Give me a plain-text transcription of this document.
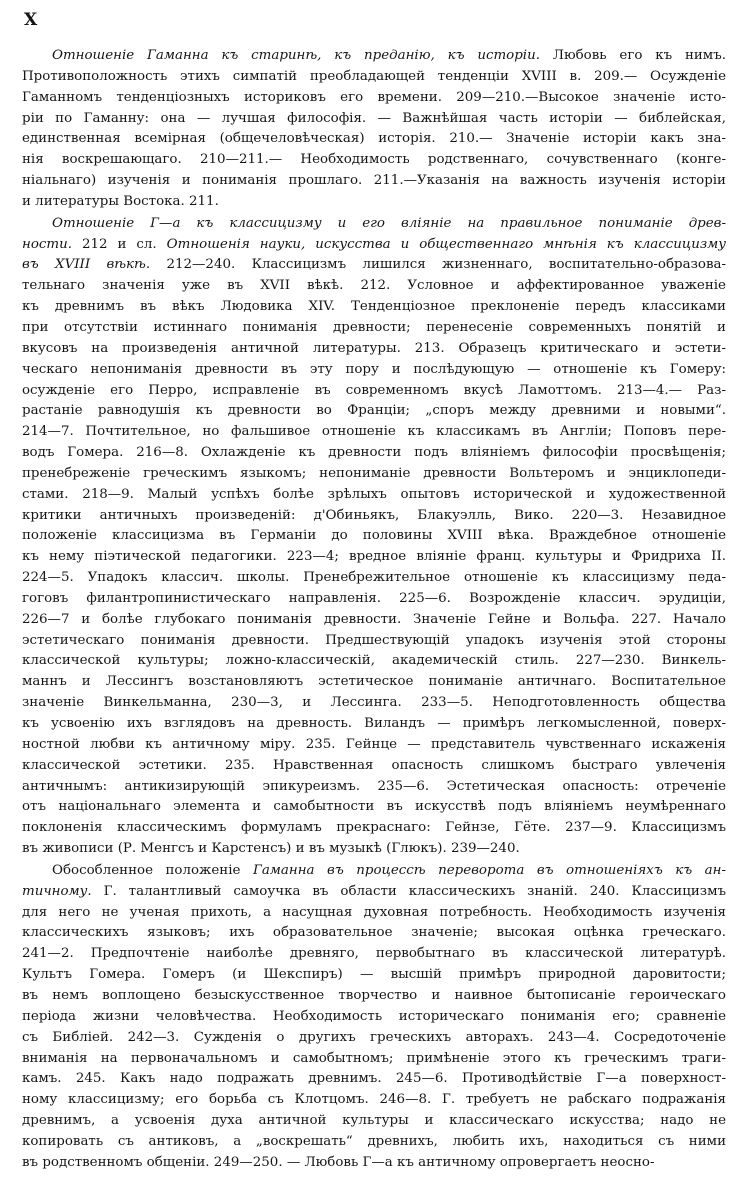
X
Отношеніе Гаманна къ старинѣ, къ преданію, къ исторіи. Любовь его къ нимъ.
Противоположность этихъ симпатій преобладающей тенденціи XVIII в. 209.— Осужденіе
Гаманномъ тенденціозныхъ историковъ его времени. 209—210.—Высокое значеніе исто-
ріи по Гаманну: она — лучшая философія. — Важнѣйшая часть исторіи — библейская,
единственная всемірная (общечеловѣческая) исторія. 210.— Значеніе исторіи какъ зна-
нія воскрешающаго. 210—211.— Необходимость родственнаго, сочувственнаго (конге-
ніальнаго) изученія и пониманія прошлаго. 211.—Указанія на важность изученія исторіи
и литературы Востока. 211.
Отношеніе Г—а къ классицизму и его вліяніе на правильное пониманіе древ-
ности. 212 и сл. Отношенія науки, искусства и общественнаго мнѣнія къ классицизму
въ XVIII вѣкѣ. 212—240. Классицизмъ лишился жизненнаго, воспитательно-образова-
тельнаго значенія уже въ XVII вѣкѣ. 212. Условное и аффектированное уваженіе
къ древнимъ въ вѣкъ Людовика XIV. Тенденціозное преклоненіе передъ классиками
при отсутствіи истиннаго пониманія древности; перенесеніе современныхъ понятій и
вкусовъ на произведенія античной литературы. 213. Образецъ критическаго и эстети-
ческаго непониманія древности въ эту пору и послѣдующую — отношеніе къ Гомеру:
осужденіе его Перро, исправленіе въ современномъ вкусѣ Ламоттомъ. 213—4.— Раз-
растаніе равнодушія къ древности во Франціи; „споръ между древними и новыми“.
214—7. Почтительное, но фальшивое отношеніе къ классикамъ въ Англіи; Поповъ пере-
водъ Гомера. 216—8. Охлажденіе къ древности подъ вліяніемъ философіи просвѣщенія;
пренебреженіе греческимъ языкомъ; непониманіе древности Вольтеромъ и энциклопеди-
стами. 218—9. Малый успѣхъ болѣе зрѣлыхъ опытовъ исторической и художественной
критики античныхъ произведеній: д'Обиньякъ, Блакуэлль, Вико. 220—3. Незавидное
положеніе классицизма въ Германіи до половины XVIII вѣка. Враждебное отношеніе
къ нему піэтической педагогики. 223—4; вредное вліяніе франц. культуры и Фридриха II.
224—5. Упадокъ классич. школы. Пренебрежительное отношеніе къ классицизму педа-
гоговъ филантропинистическаго направленія. 225—6. Возрожденіе классич. эрудиціи,
226—7 и болѣе глубокаго пониманія древности. Значеніе Гейне и Вольфа. 227. Начало
эстетическаго пониманія древности. Предшествующій упадокъ изученія этой стороны
классической культуры; ложно-классическій, академическій стиль. 227—230. Винкель-
маннъ и Лессингъ возстановляютъ эстетическое пониманіе античнаго. Воспитательное
значеніе Винкельманна, 230—3, и Лессинга. 233—5. Неподготовленность общества
къ усвоенію ихъ взглядовъ на древность. Виландъ — примѣръ легкомысленной, поверх-
ностной любви къ античному міру. 235. Гейнце — представитель чувственнаго искаженія
классической эстетики. 235. Нравственная опасность слишкомъ быстраго увлеченія
античнымъ: антикизирующій эпикуреизмъ. 235—6. Эстетическая опасность: отреченіе
отъ національнаго элемента и самобытности въ искусствѣ подъ вліяніемъ неумѣреннаго
поклоненія классическимъ формуламъ прекраснаго: Гейнзе, Гёте. 237—9. Классицизмъ
въ живописи (Р. Менгсъ и Карстенсъ) и въ музыкѣ (Глюкъ). 239—240.
Обособленное положеніе Гаманна въ процессѣ переворота въ отношеніяхъ къ ан-
тичному. Г. талантливый самоучка въ области классическихъ знаній. 240. Классицизмъ
для него не ученая прихоть, а насущная духовная потребность. Необходимость изученія
классическихъ языковъ; ихъ образовательное значеніе; высокая оцѣнка греческаго.
241—2. Предпочтеніе наиболѣе древняго, первобытнаго въ классической литературѣ.
Культъ Гомера. Гомеръ (и Шекспиръ) — высшій примѣръ природной даровитости;
въ немъ воплощено безыскусственное творчество и наивное бытописаніе героическаго
періода жизни человѣчества. Необходимость историческаго пониманія его; сравненіе
съ Библіей. 242—3. Сужденія о другихъ греческихъ авторахъ. 243—4. Сосредоточеніе
вниманія на первоначальномъ и самобытномъ; примѣненіе этого къ греческимъ траги-
камъ. 245. Какъ надо подражать древнимъ. 245—6. Противодѣйствіе Г—а поверхност-
ному классицизму; его борьба съ Клотцомъ. 246—8. Г. требуетъ не рабскаго подражанія
древнимъ, а усвоенія духа античной культуры и классическаго искусства; надо не
копировать съ антиковъ, а „воскрешать“ древнихъ, любить ихъ, находиться съ ними
въ родственномъ общеніи. 249—250. — Любовь Г—а къ античному опровергаетъ неосно-
